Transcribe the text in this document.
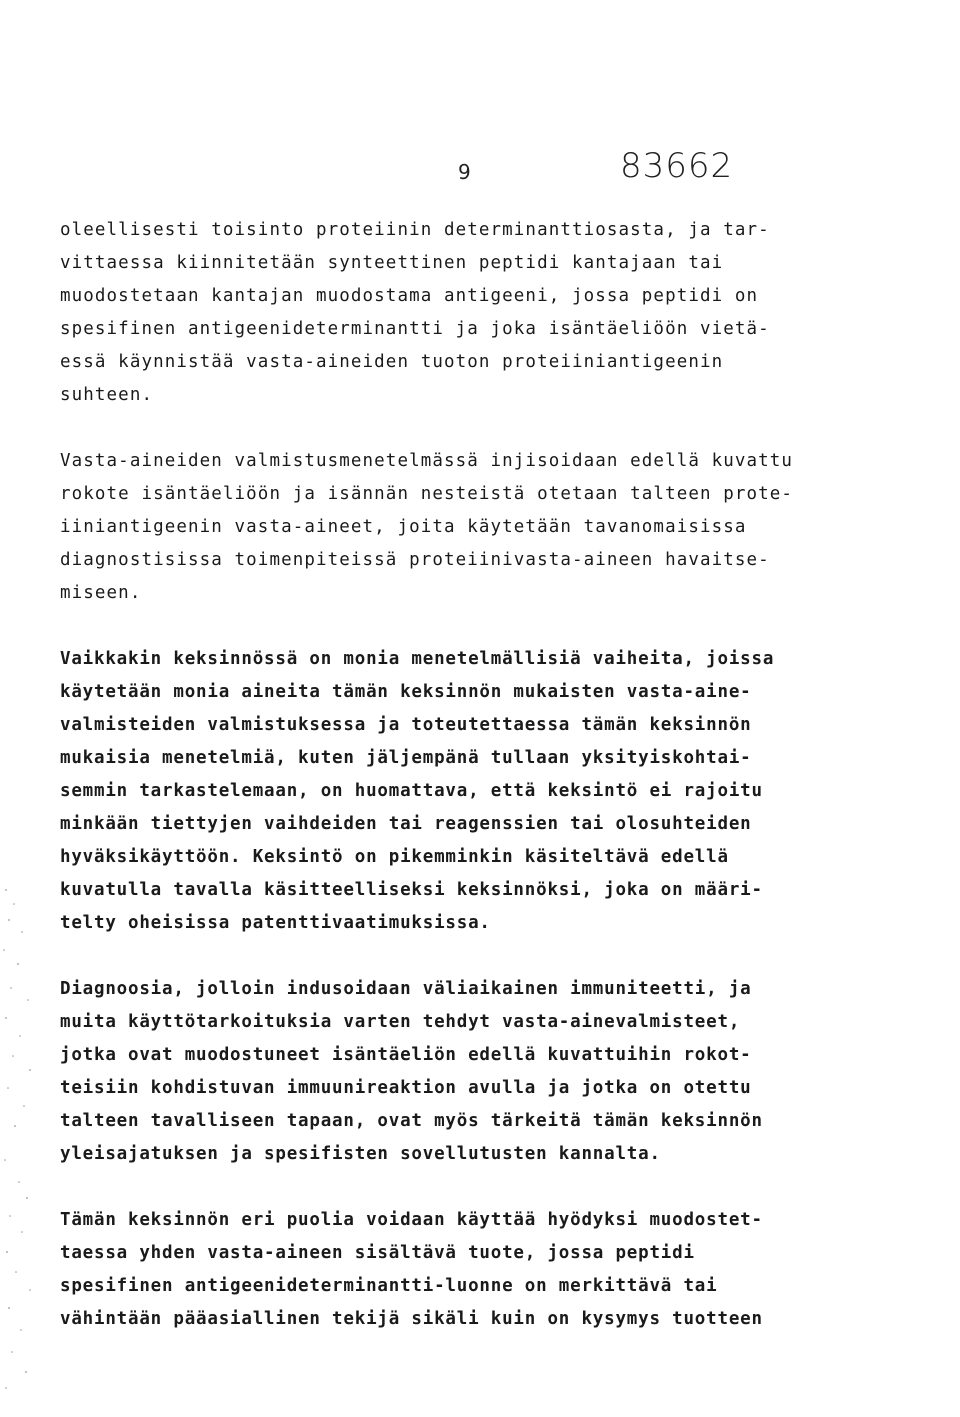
9	83662
oleellisesti toisinto proteiinin determinanttiosasta, ja tar-
vittaessa kiinnitetään synteettinen peptidi kantajaan tai
muodostetaan kantajan muodostama antigeeni, jossa peptidi on
spesifinen antigeenideterminantti ja joka isäntäeliöön vietä-
essä käynnistää vasta-aineiden tuoton proteiiniantigeenin
suhteen.
Vasta-aineiden valmistusmenetelmässä injisoidaan edellä kuvattu
rokote isäntäeliöön ja isännän nesteistä otetaan talteen prote-
iiniantigeenin vasta-aineet, joita käytetään tavanomaisissa
diagnostisissa toimenpiteissä proteiinivasta-aineen havaitse-
miseen.
Vaikkakin keksinnössä on monia menetelmällisiä vaiheita, joissa
käytetään monia aineita tämän keksinnön mukaisten vasta-aine-
valmisteiden valmistuksessa ja toteutettaessa tämän keksinnön
mukaisia menetelmiä, kuten jäljempänä tullaan yksityiskohtai-
semmin tarkastelemaan, on huomattava, että keksintö ei rajoitu
minkään tiettyjen vaihdeiden tai reagenssien tai olosuhteiden
hyväksikäyttöön. Keksintö on pikemminkin käsiteltävä edellä
kuvatulla tavalla käsitteelliseksi keksinnöksi, joka on määri-
telty oheisissa patenttivaatimuksissa.
Diagnoosia, jolloin indusoidaan väliaikainen immuniteetti, ja
muita käyttötarkoituksia varten tehdyt vasta-ainevalmisteet,
jotka ovat muodostuneet isäntäeliön edellä kuvattuihin rokot-
teisiin kohdistuvan immuunireaktion avulla ja jotka on otettu
talteen tavalliseen tapaan, ovat myös tärkeitä tämän keksinnön
yleisajatuksen ja spesifisten sovellutusten kannalta.
Tämän keksinnön eri puolia voidaan käyttää hyödyksi muodostet-
taessa yhden vasta-aineen sisältävä tuote, jossa peptidi
spesifinen antigeenideterminantti-luonne on merkittävä tai
vähintään pääasiallinen tekijä sikäli kuin on kysymys tuotteen
